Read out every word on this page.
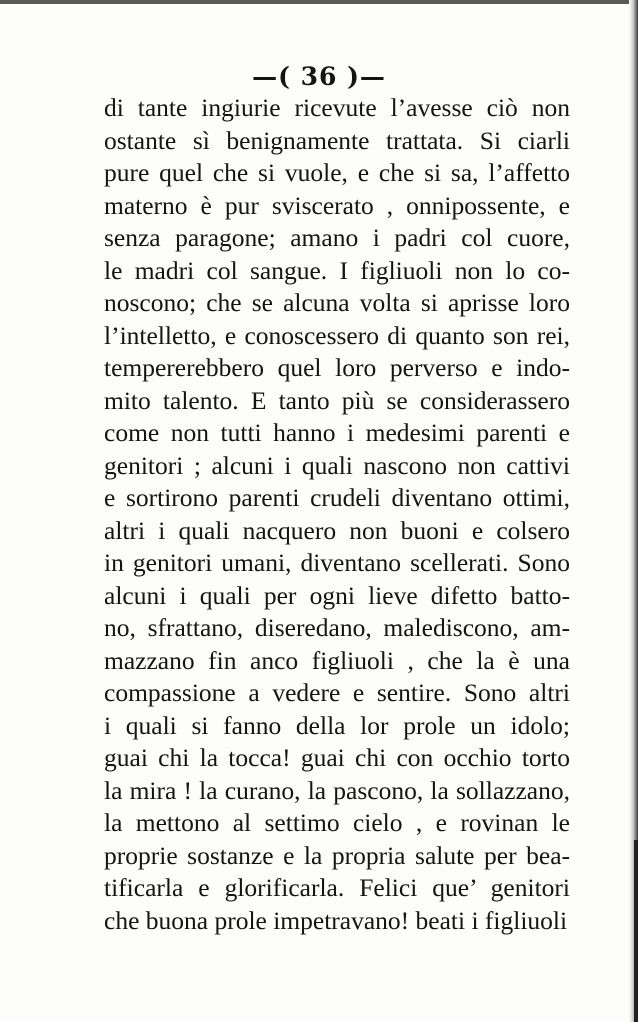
—( 36 )—
di tante ingiurie ricevute l’avesse ciò non
ostante sì benignamente trattata. Si ciarli
pure quel che si vuole, e che si sa, l’affetto
materno è pur sviscerato , onnipossente, e
senza paragone; amano i padri col cuore,
le madri col sangue. I figliuoli non lo co-
noscono; che se alcuna volta si aprisse loro
l’intelletto, e conoscessero di quanto son rei,
tempererebbero quel loro perverso e indo-
mito talento. E tanto più se considerassero
come non tutti hanno i medesimi parenti e
genitori ; alcuni i quali nascono non cattivi
e sortirono parenti crudeli diventano ottimi,
altri i quali nacquero non buoni e colsero
in genitori umani, diventano scellerati. Sono
alcuni i quali per ogni lieve difetto batto-
no, sfrattano, diseredano, malediscono, am-
mazzano fin anco figliuoli , che la è una
compassione a vedere e sentire. Sono altri
i quali si fanno della lor prole un idolo;
guai chi la tocca! guai chi con occhio torto
la mira ! la curano, la pascono, la sollazzano,
la mettono al settimo cielo , e rovinan le
proprie sostanze e la propria salute per bea-
tificarla e glorificarla. Felici que’ genitori
che buona prole impetravano! beati i figliuoli
